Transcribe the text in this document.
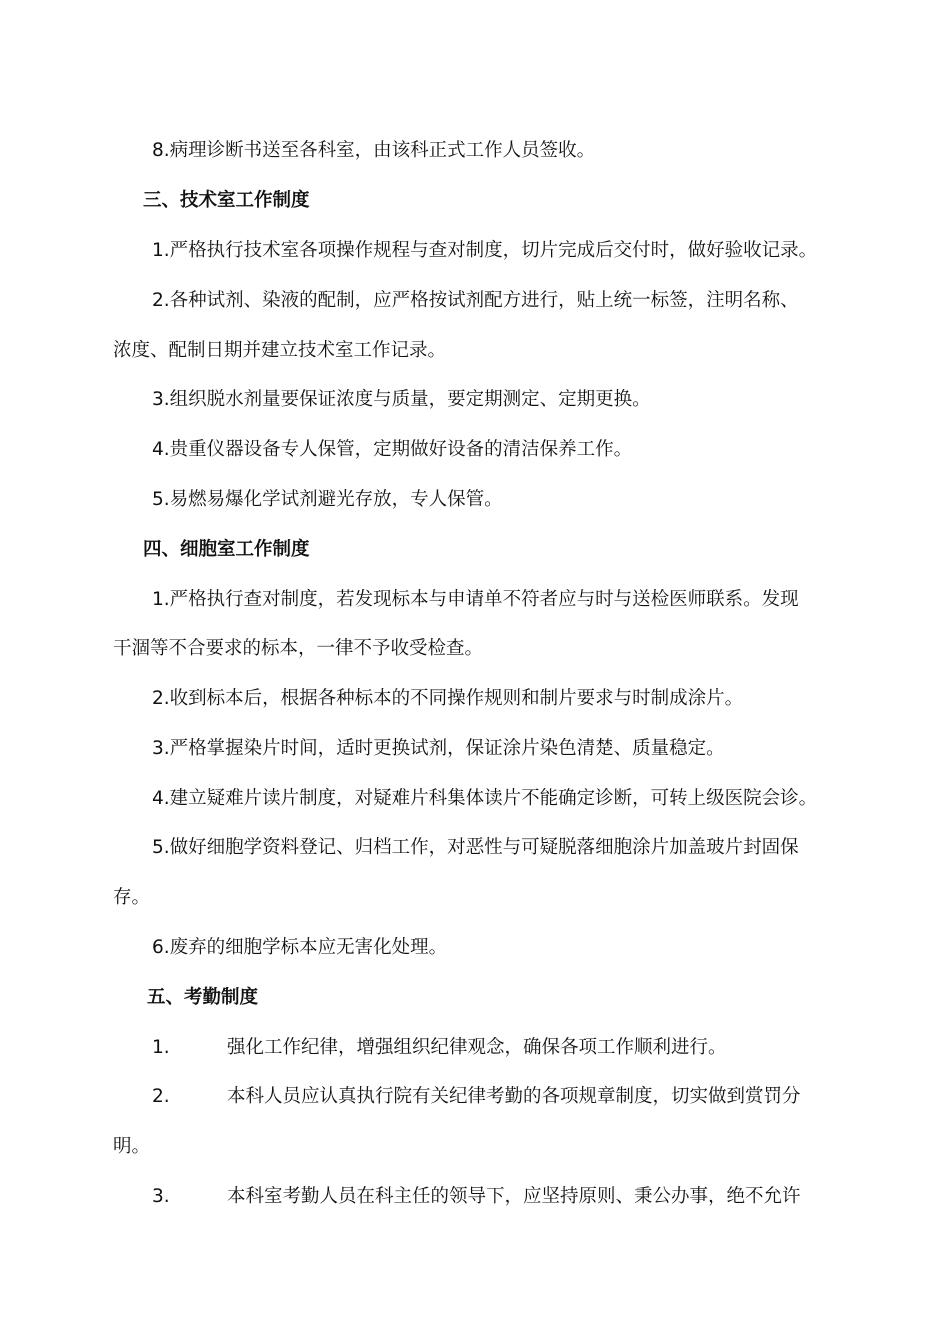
8.病理诊断书送至各科室，由该科正式工作人员签收。
三、技术室工作制度
1.严格执行技术室各项操作规程与查对制度，切片完成后交付时，做好验收记录。
2.各种试剂、染液的配制，应严格按试剂配方进行，贴上统一标签，注明名称、
浓度、配制日期并建立技术室工作记录。
3.组织脱水剂量要保证浓度与质量，要定期测定、定期更换。
4.贵重仪器设备专人保管，定期做好设备的清洁保养工作。
5.易燃易爆化学试剂避光存放，专人保管。
四、细胞室工作制度
1.严格执行查对制度，若发现标本与申请单不符者应与时与送检医师联系。发现
干涸等不合要求的标本，一律不予收受检查。
2.收到标本后，根据各种标本的不同操作规则和制片要求与时制成涂片。
3.严格掌握染片时间，适时更换试剂，保证涂片染色清楚、质量稳定。
4.建立疑难片读片制度，对疑难片科集体读片不能确定诊断，可转上级医院会诊。
5.做好细胞学资料登记、归档工作，对恶性与可疑脱落细胞涂片加盖玻片封固保
存。
6.废弃的细胞学标本应无害化处理。
五、考勤制度
1.	强化工作纪律，增强组织纪律观念，确保各项工作顺利进行。
2.	本科人员应认真执行院有关纪律考勤的各项规章制度，切实做到赏罚分
明。
3.	本科室考勤人员在科主任的领导下，应坚持原则、秉公办事，绝不允许
